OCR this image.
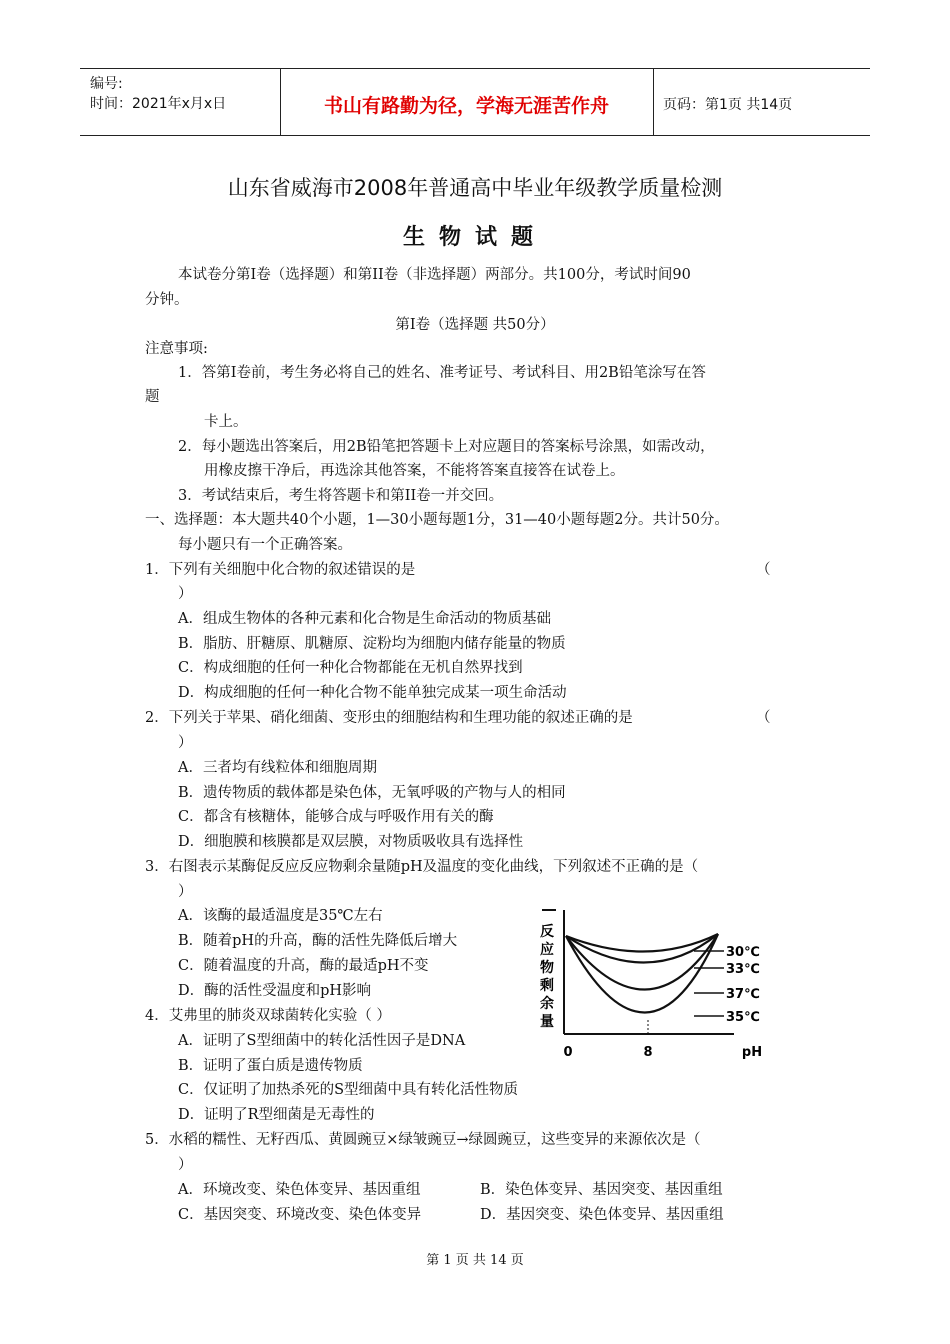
编号:
时间：2021年x月x日	书山有路勤为径，学海无涯苦作舟	页码：第1页 共14页
山东省威海市2008年普通高中毕业年级教学质量检测
生物试题
本试卷分第Ⅰ卷（选择题）和第II卷（非选择题）两部分。共100分，考试时间90
分钟。
第Ⅰ卷（选择题 共50分）
注意事项:
1．答第Ⅰ卷前，考生务必将自己的姓名、准考证号、考试科目、用2B铅笔涂写在答
题
卡上。
2．每小题选出答案后，用2B铅笔把答题卡上对应题目的答案标号涂黑，如需改动，
用橡皮擦干净后，再选涂其他答案，不能将答案直接答在试卷上。
3．考试结束后，考生将答题卡和第II卷一并交回。
一、选择题：本大题共40个小题，1—30小题每题1分，31—40小题每题2分。共计50分。
每小题只有一个正确答案。
1．下列有关细胞中化合物的叙述错误的是	（
）
A．组成生物体的各种元素和化合物是生命活动的物质基础
B．脂肪、肝糖原、肌糖原、淀粉均为细胞内储存能量的物质
C．构成细胞的任何一种化合物都能在无机自然界找到
D．构成细胞的任何一种化合物不能单独完成某一项生命活动
2．下列关于苹果、硝化细菌、变形虫的细胞结构和生理功能的叙述正确的是	（
）
A．三者均有线粒体和细胞周期
B．遗传物质的载体都是染色体，无氧呼吸的产物与人的相同
C．都含有核糖体，能够合成与呼吸作用有关的酶
D．细胞膜和核膜都是双层膜，对物质吸收具有选择性
3．右图表示某酶促反应反应物剩余量随pH及温度的变化曲线，下列叙述不正确的是（
）
A．该酶的最适温度是35℃左右
B．随着pH的升高，酶的活性先降低后增大
C．随着温度的升高，酶的最适pH不变
D．酶的活性受温度和pH影响
反
应
物
剩
余
量
0	8	pH
30℃
33℃
37℃
35℃
4．艾弗里的肺炎双球菌转化实验（ ）
A．证明了S型细菌中的转化活性因子是DNA
B．证明了蛋白质是遗传物质
C．仅证明了加热杀死的S型细菌中具有转化活性物质
D．证明了R型细菌是无毒性的
5．水稻的糯性、无籽西瓜、黄圆豌豆×绿皱豌豆→绿圆豌豆，这些变异的来源依次是（
）
A．环境改变、染色体变异、基因重组	B．染色体变异、基因突变、基因重组
C．基因突变、环境改变、染色体变异	D．基因突变、染色体变异、基因重组
第 1 页 共 14 页
